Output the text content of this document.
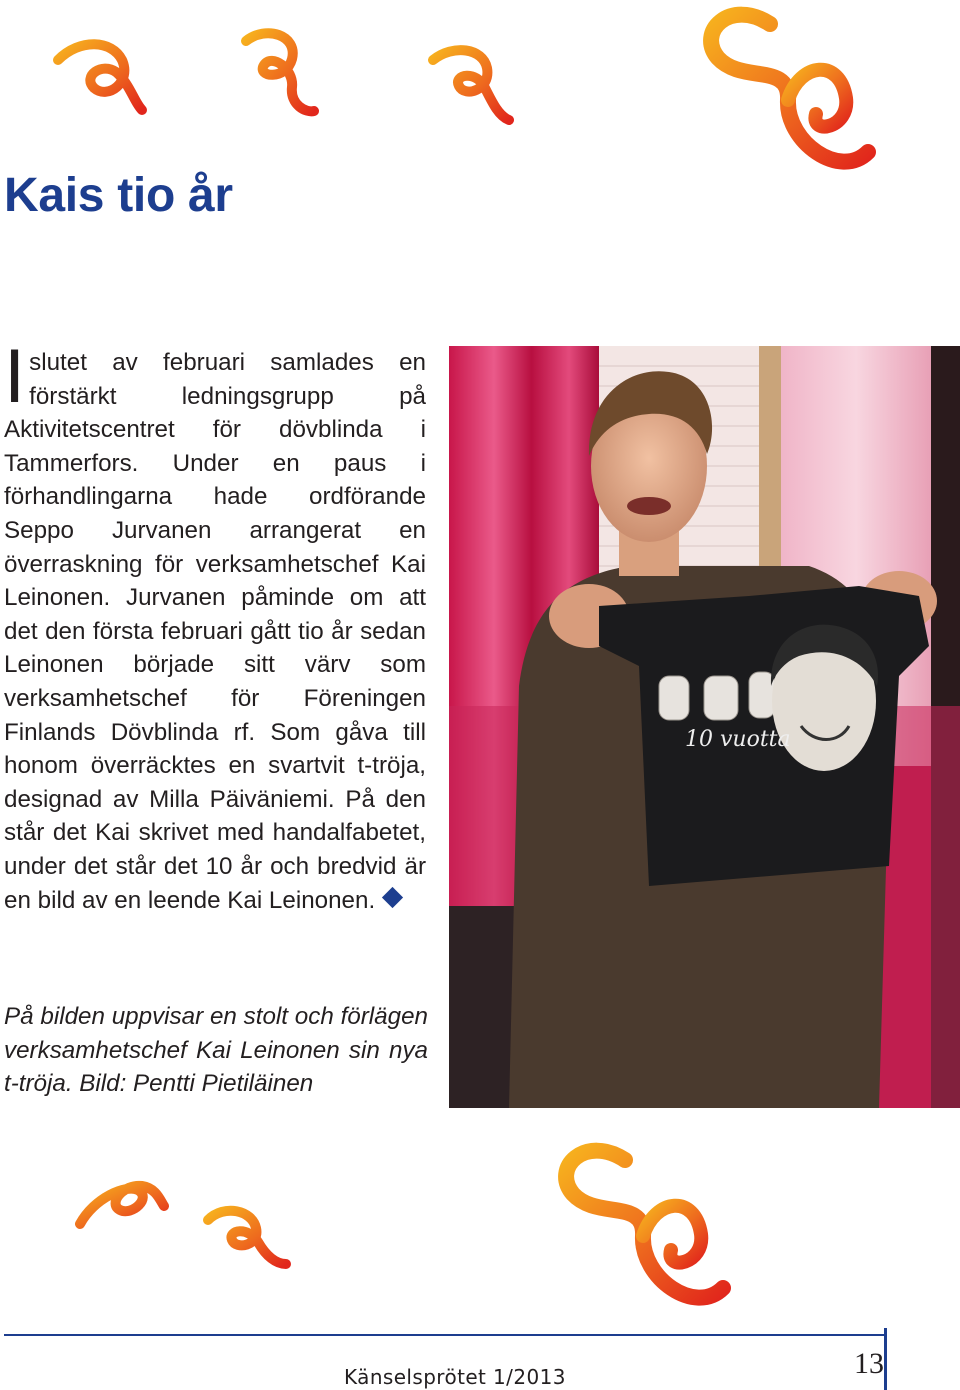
Kais tio år

Islutet av februari samlades en förstärkt ledningsgrupp på Aktivitetscentret för dövblinda i Tammerfors. Under en paus i förhandlingarna hade ordförande Seppo Jurvanen arrangerat en överraskning för verksamhetschef Kai Leinonen. Jurvanen påminde om att det den första februari gått tio år sedan Leinonen började sitt värv som verksamhetschef för Föreningen Finlands Dövblinda rf. Som gåva till honom överräcktes en svartvit t-tröja, designad av Milla Päiväniemi. På den står det Kai skrivet med handalfabetet, under det står det 10 år och bredvid är en bild av en leende Kai Leinonen.

På bilden uppvisar en stolt och förlägen verksamhetschef Kai Leinonen sin nya t-tröja. Bild: Pentti Pietiläinen

10 vuotta
Känselsprötet 1/2013	13
